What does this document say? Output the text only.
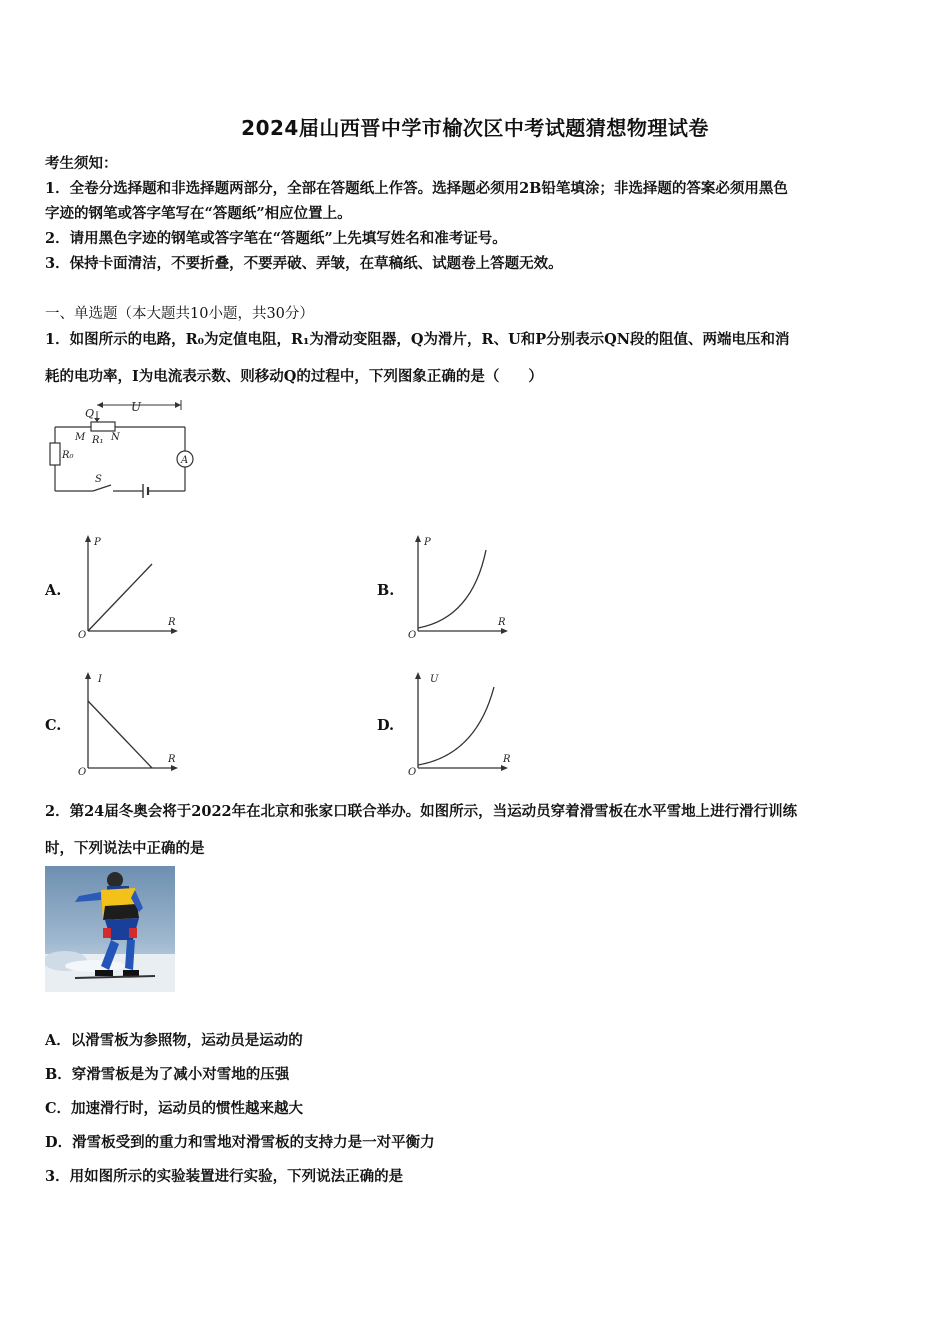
2024届山西晋中学市榆次区中考试题猜想物理试卷
考生须知：
1．全卷分选择题和非选择题两部分，全部在答题纸上作答。选择题必须用2B铅笔填涂；非选择题的答案必须用黑色
字迹的钢笔或答字笔写在“答题纸”相应位置上。
2．请用黑色字迹的钢笔或答字笔在“答题纸”上先填写姓名和准考证号。
3．保持卡面清洁，不要折叠，不要弄破、弄皱，在草稿纸、试题卷上答题无效。
一、单选题（本大题共10小题，共30分）
1．如图所示的电路，R₀为定值电阻，R₁为滑动变阻器，Q为滑片，R、U和P分别表示QN段的阻值、两端电压和消
耗的电功率，I为电流表示数、则移动Q的过程中，下列图象正确的是（　　）
U
Q
M R₁ N
R₀
S
A
A.
P
R
O
B.
P
R
O
C.
I
R
O
D.
U
R
O
2．第24届冬奥会将于2022年在北京和张家口联合举办。如图所示，当运动员穿着滑雪板在水平雪地上进行滑行训练
时，下列说法中正确的是
A．以滑雪板为参照物，运动员是运动的
B．穿滑雪板是为了减小对雪地的压强
C．加速滑行时，运动员的惯性越来越大
D．滑雪板受到的重力和雪地对滑雪板的支持力是一对平衡力
3．用如图所示的实验装置进行实验，下列说法正确的是
